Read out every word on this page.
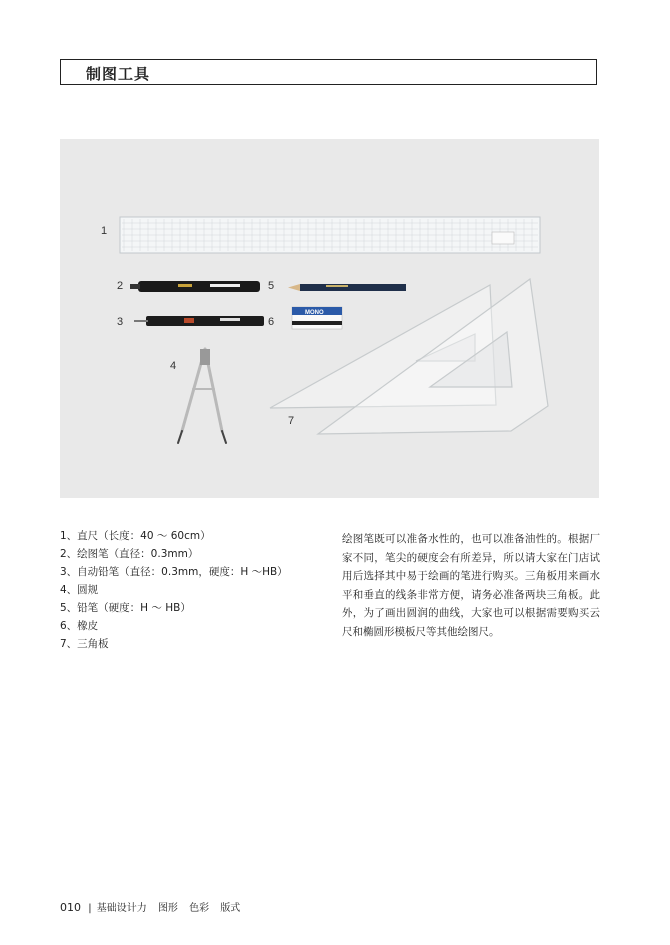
制图工具
MONO
1
2
3
4
5
6
7
1、直尺（长度：40 ～ 60cm）
2、绘图笔（直径：0.3mm）
3、自动铅笔（直径：0.3mm，硬度：H ～HB）
4、圆规
5、铅笔（硬度：H ～ HB）
6、橡皮
7、三角板

绘图笔既可以准备水性的，也可以准备油性的。根据厂家不同，笔尖的硬度会有所差异，所以请大家在门店试用后选择其中易于绘画的笔进行购买。三角板用来画水平和垂直的线条非常方便，请务必准备两块三角板。此外，为了画出圆润的曲线，大家也可以根据需要购买云尺和椭圆形模板尺等其他绘图尺。

010 | 基础设计力 图形 色彩 版式
